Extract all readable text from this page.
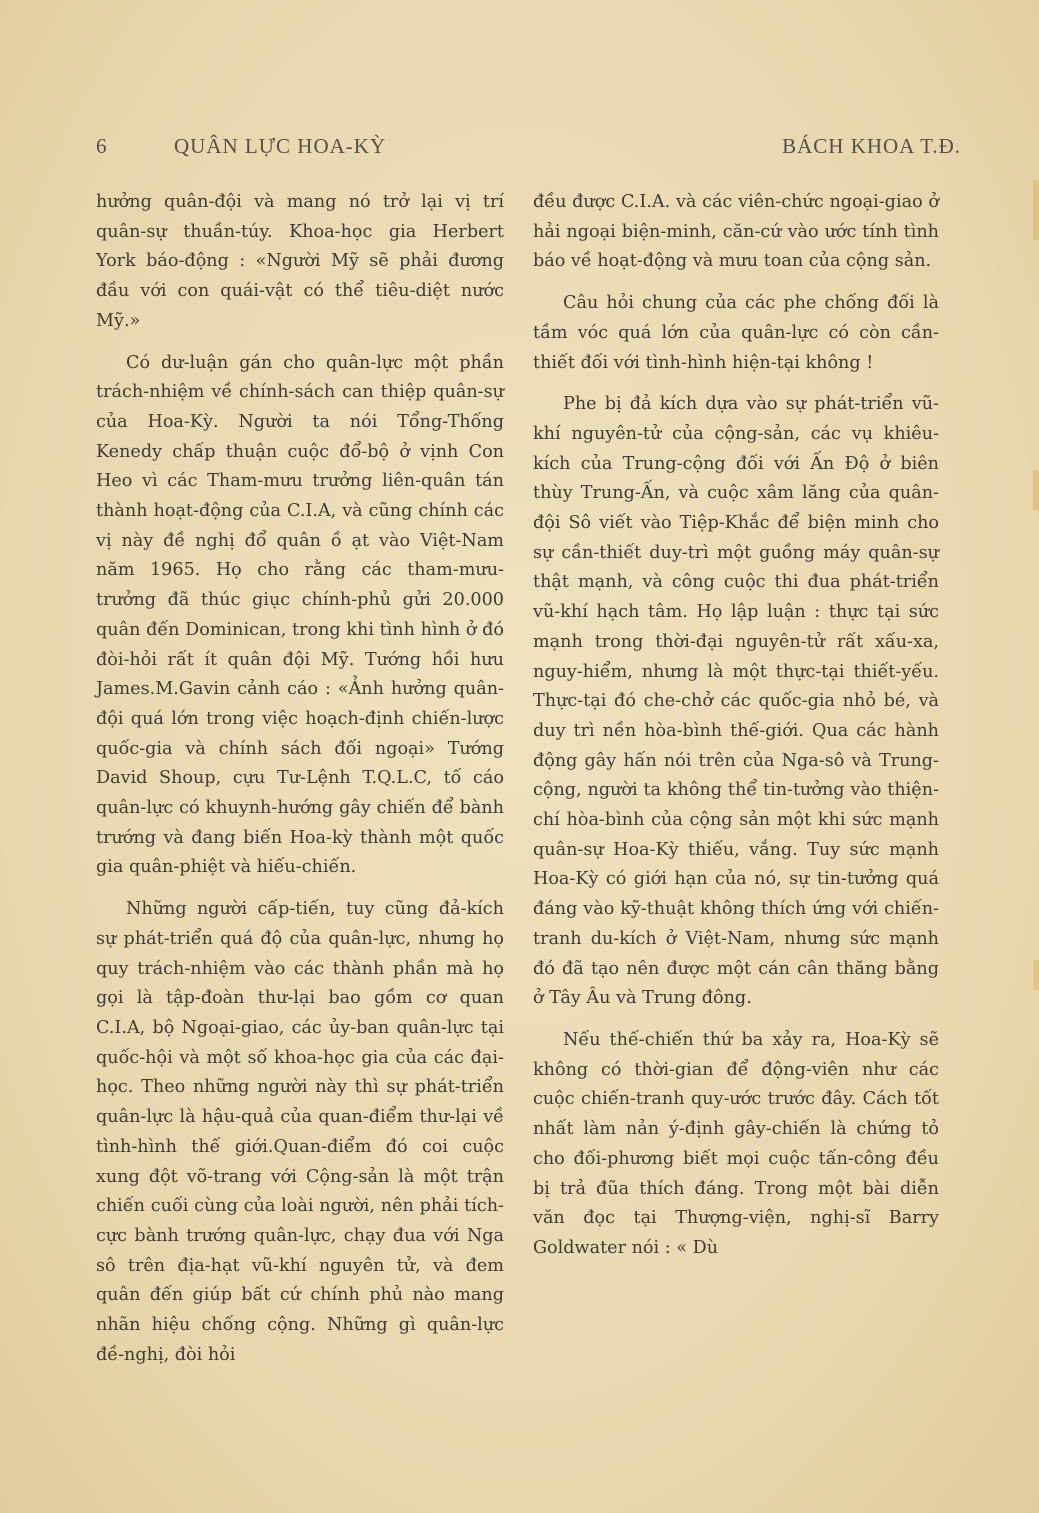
6	QUÂN LỰC HOA-KỲ	BÁCH KHOA T.Đ.

hưởng quân-đội và mang nó trở lại vị trí quân-sự thuần-túy. Khoa-học gia Herbert York báo-động : «Người Mỹ sẽ phải đương đầu với con quái-vật có thể tiêu-diệt nước Mỹ.»

Có dư-luận gán cho quân-lực một phần trách-nhiệm về chính-sách can thiệp quân-sự của Hoa-Kỳ. Người ta nói Tổng-Thống Kenedy chấp thuận cuộc đổ-bộ ở vịnh Con Heo vì các Tham-mưu trưởng liên-quân tán thành hoạt-động của C.I.A, và cũng chính các vị này đề nghị đổ quân ồ ạt vào Việt-Nam năm 1965. Họ cho rằng các tham-mưu-trưởng đã thúc giục chính-phủ gửi 20.000 quân đến Dominican, trong khi tình hình ở đó đòi-hỏi rất ít quân đội Mỹ. Tướng hồi hưu James.M.Gavin cảnh cáo : «Ảnh hưởng quân-đội quá lớn trong việc hoạch-định chiến-lược quốc-gia và chính sách đối ngoại» Tướng David Shoup, cựu Tư-Lệnh T.Q.L.C, tố cáo quân-lực có khuynh-hướng gây chiến để bành trướng và đang biến Hoa-kỳ thành một quốc gia quân-phiệt và hiếu-chiến.

Những người cấp-tiến, tuy cũng đả-kích sự phát-triển quá độ của quân-lực, nhưng họ quy trách-nhiệm vào các thành phần mà họ gọi là tập-đoàn thư-lại bao gồm cơ quan C.I.A, bộ Ngoại-giao, các ủy-ban quân-lực tại quốc-hội và một số khoa-học gia của các đại-học. Theo những người này thì sự phát-triển quân-lực là hậu-quả của quan-điểm thư-lại về tình-hình thế giới.Quan-điểm đó coi cuộc xung đột võ-trang với Cộng-sản là một trận chiến cuối cùng của loài người, nên phải tích-cực bành trướng quân-lực, chạy đua với Nga sô trên địa-hạt vũ-khí nguyên tử, và đem quân đến giúp bất cứ chính phủ nào mang nhãn hiệu chống cộng. Những gì quân-lực đề-nghị, đòi hỏi

đều được C.I.A. và các viên-chức ngoại-giao ở hải ngoại biện-minh, căn-cứ vào ước tính tình báo về hoạt-động và mưu toan của cộng sản.

Câu hỏi chung của các phe chống đối là tầm vóc quá lớn của quân-lực có còn cần-thiết đối với tình-hình hiện-tại không !

Phe bị đả kích dựa vào sự phát-triển vũ-khí nguyên-tử của cộng-sản, các vụ khiêu-kích của Trung-cộng đối với Ấn Độ ở biên thùy Trung-Ấn, và cuộc xâm lăng của quân-đội Sô viết vào Tiệp-Khắc để biện minh cho sự cần-thiết duy-trì một guồng máy quân-sự thật mạnh, và công cuộc thi đua phát-triển vũ-khí hạch tâm. Họ lập luận : thực tại sức mạnh trong thời-đại nguyên-tử rất xấu-xa, nguy-hiểm, nhưng là một thực-tại thiết-yếu. Thực-tại đó che-chở các quốc-gia nhỏ bé, và duy trì nền hòa-bình thế-giới. Qua các hành động gây hấn nói trên của Nga-sô và Trung-cộng, người ta không thể tin-tưởng vào thiện-chí hòa-bình của cộng sản một khi sức mạnh quân-sự Hoa-Kỳ thiếu, vắng. Tuy sức mạnh Hoa-Kỳ có giới hạn của nó, sự tin-tưởng quá đáng vào kỹ-thuật không thích ứng với chiến-tranh du-kích ở Việt-Nam, nhưng sức mạnh đó đã tạo nên được một cán cân thăng bằng ở Tây Âu và Trung đông.

Nếu thế-chiến thứ ba xảy ra, Hoa-Kỳ sẽ không có thời-gian để động-viên như các cuộc chiến-tranh quy-ước trước đây. Cách tốt nhất làm nản ý-định gây-chiến là chứng tỏ cho đối-phương biết mọi cuộc tấn-công đều bị trả đũa thích đáng. Trong một bài diễn văn đọc tại Thượng-viện, nghị-sĩ Barry Goldwater nói : « Dù
